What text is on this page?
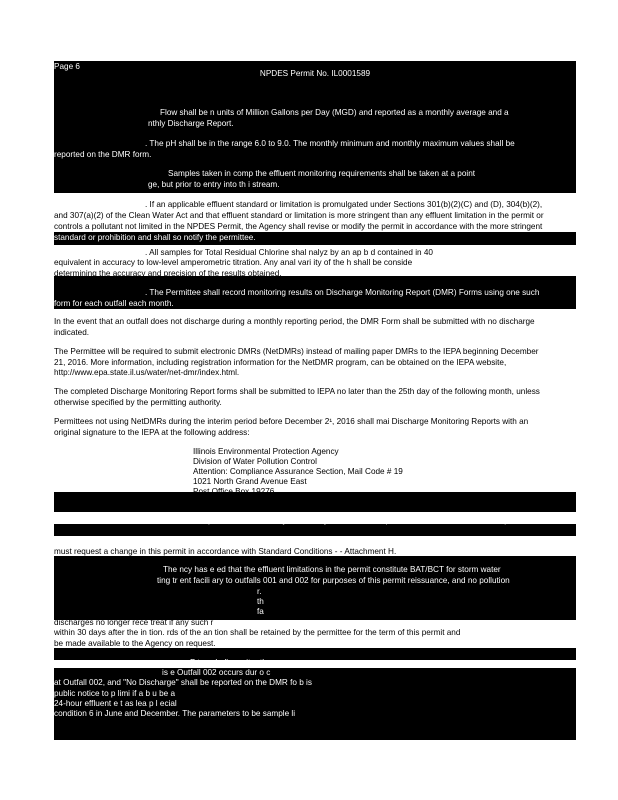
Page 6
NPDES Permit No. IL0001589
Flow shall be n units of Million Gallons per Day (MGD) and reported as a monthly average and a
nthly Discharge Report.
. The pH shall be in the range 6.0 to 9.0. The monthly minimum and monthly maximum values shall be
reported on the DMR form.
Samples taken in comp the effluent monitoring requirements shall be taken at a point
ge, but prior to entry into th i stream.
. If an applicable effluent standard or limitation is promulgated under Sections 301(b)(2)(C) and (D), 304(b)(2),
and 307(a)(2) of the Clean Water Act and that effluent standard or limitation is more stringent than any effluent limitation in the permit or
controls a pollutant not limited in the NPDES Permit, the Agency shall revise or modify the permit in accordance with the more stringent
standard or prohibition and shall so notify the permittee.
. All samples for Total Residual Chlorine shal nalyz by an ap b d contained in 40
equivalent in accuracy to low-level amperometric titration. Any anal vari ity of the h shall be conside
determining the accuracy and precision of the results obtained.
. The Permittee shall record monitoring results on Discharge Monitoring Report (DMR) Forms using one such
form for each outfall each month.
In the event that an outfall does not discharge during a monthly reporting period, the DMR Form shall be submitted with no discharge
indicated.
The Permittee will be required to submit electronic DMRs (NetDMRs) instead of mailing paper DMRs to the IEPA beginning December
21, 2016. More information, including registration information for the NetDMR program, can be obtained on the IEPA website,
http://www.epa.state.il.us/water/net-dmr/index.html.
The completed Discharge Monitoring Report forms shall be submitted to IEPA no later than the 25th day of the following month, unless
otherwise specified by the permitting authority.
Permittees not using NetDMRs during the interim period before December 2¹, 2016 shall mai Discharge Monitoring Reports with an
original signature to the IEPA at the following address:
Illinois Environmental Protection Agency
Division of Water Pollution Control
Attention: Compliance Assurance Section, Mail Code # 19
1021 North Grand Avenue East
Post Office Box 19276
Springfield, Illinois 62794-9276
The use or operation of this facility shall be by or under the supervision of a Certified Class K operator.
. In the event that the permittee must request a change in the use of water treatment additives, the permittee
must request a change in this permit in accordance with Standard Conditions - - Attachment H.
The ncy has e ed that the effluent limitations in the permit constitute BAT/BCT for storm water
ting tr ent facili ary to outfalls 001 and 002 for purposes of this permit reissuance, and no pollution
r.
th
fa
discharges no longer rece treat if any such r
within 30 days after the in tion. rds of the an tion shall be retained by the permittee for the term of this permit and
be made available to the Agency on request.
P tee shall monitor the a a
is e Outfall 002 occurs dur o c
at Outfall 002, and "No Discharge" shall be reported on the DMR fo b is
public notice to p limi if a b u be a
24-hour effluent e t as lea p l ecial
condition 6 in June and December. The parameters to be sample li
